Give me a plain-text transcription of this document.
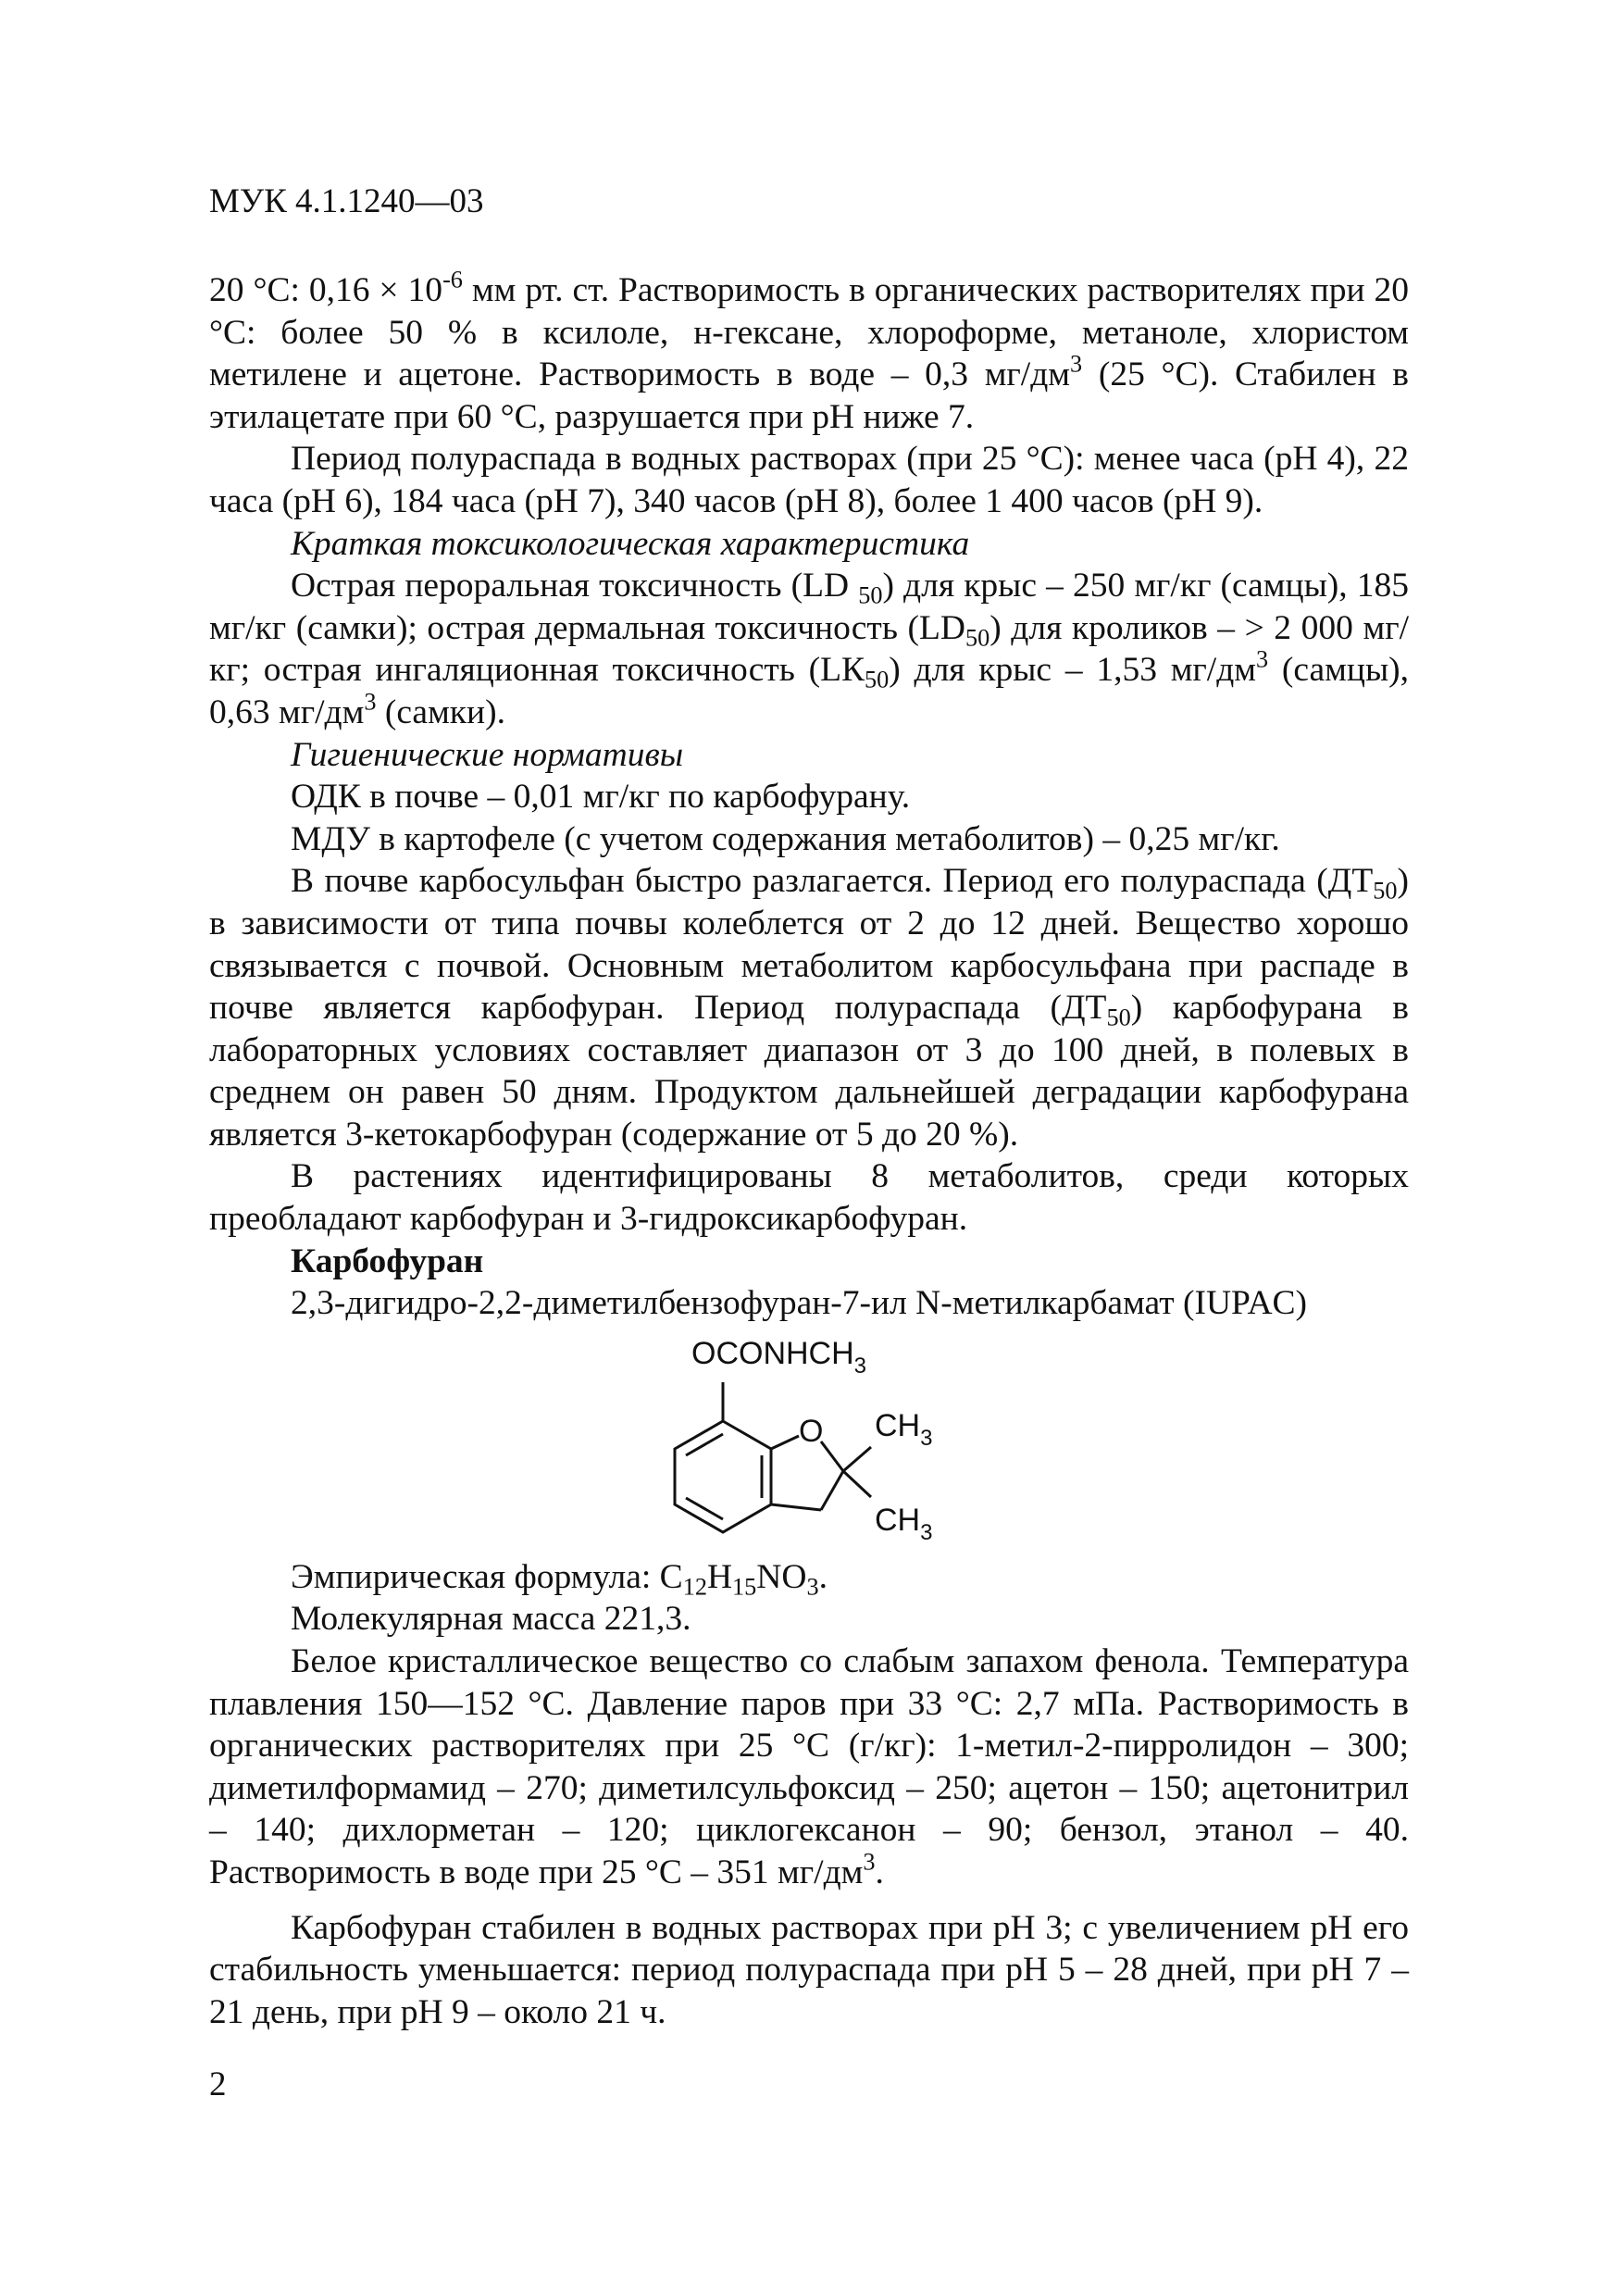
МУК 4.1.1240—03

20 °С: $0,16 \times 10^{-6}$ мм рт. ст. Растворимость в органических растворителях при 20 °С: более 50 % в ксилоле, н-гексане, хлороформе, метаноле, хлористом метилене и ацетоне. Растворимость в воде – 0,3 $мг/дм^3$ (25 °С). Стабилен в этилацетате при 60 °С, разрушается при pH ниже 7.

Период полураспада в водных растворах (при 25 °С): менее часа (pH 4), 22 часа (pH 6), 184 часа (pH 7), 340 часов (pH 8), более 1 400 часов (pH 9).

Краткая токсикологическая характеристика

Острая пероральная токсичность (LD $_{50}$) для крыс – 250 мг/кг (самцы), 185 мг/кг (самки); острая дермальная токсичность $(LD_{50})$ для кроликов – > 2 000 мг/кг; острая ингаляционная токсичность $(LК_{50})$ для крыс – 1,53 $мг/дм^3$ (самцы), 0,63 $мг/дм^3$ (самки).

Гигиенические нормативы

ОДК в почве – 0,01 мг/кг по карбофурану.

МДУ в картофеле (с учетом содержания метаболитов) – 0,25 мг/кг.

В почве карбосульфан быстро разлагается. Период его полураспада $(ДТ_{50})$ в зависимости от типа почвы колеблется от 2 до 12 дней. Вещество хорошо связывается с почвой. Основным метаболитом карбосульфана при распаде в почве является карбофуран. Период полураспада $(ДТ_{50})$ карбофурана в лабораторных условиях составляет диапазон от 3 до 100 дней, в полевых в среднем он равен 50 дням. Продуктом дальнейшей деградации карбофурана является 3-кетокарбофуран (содержание от 5 до 20 %).

В растениях идентифицированы 8 метаболитов, среди которых преобладают карбофуран и 3-гидроксикарбофуран.

Карбофуран

2,3-дигидро-2,2-диметилбензофуран-7-ил N-метилкарбамат (IUPAC)

$OCONHCH_3$
O $CH_3$
$CH_3$

Эмпирическая формула: $C_{12}H_{15}NO_3$.

Молекулярная масса 221,3.

Белое кристаллическое вещество со слабым запахом фенола. Температура плавления 150—152 °С. Давление паров при 33 °С: 2,7 мПа. Растворимость в органических растворителях при 25 °С (г/кг): 1-метил-2-пирролидон – 300; диметилформамид – 270; диметилсульфоксид – 250; ацетон – 150; ацетонитрил – 140; дихлорметан – 120; циклогексанон – 90; бензол, этанол – 40. Растворимость в воде при 25 °С – 351 $мг/дм^3$.

Карбофуран стабилен в водных растворах при pH 3; с увеличением pH его стабильность уменьшается: период полураспада при pH 5 – 28 дней, при pH 7 – 21 день, при pH 9 – около 21 ч.

2
